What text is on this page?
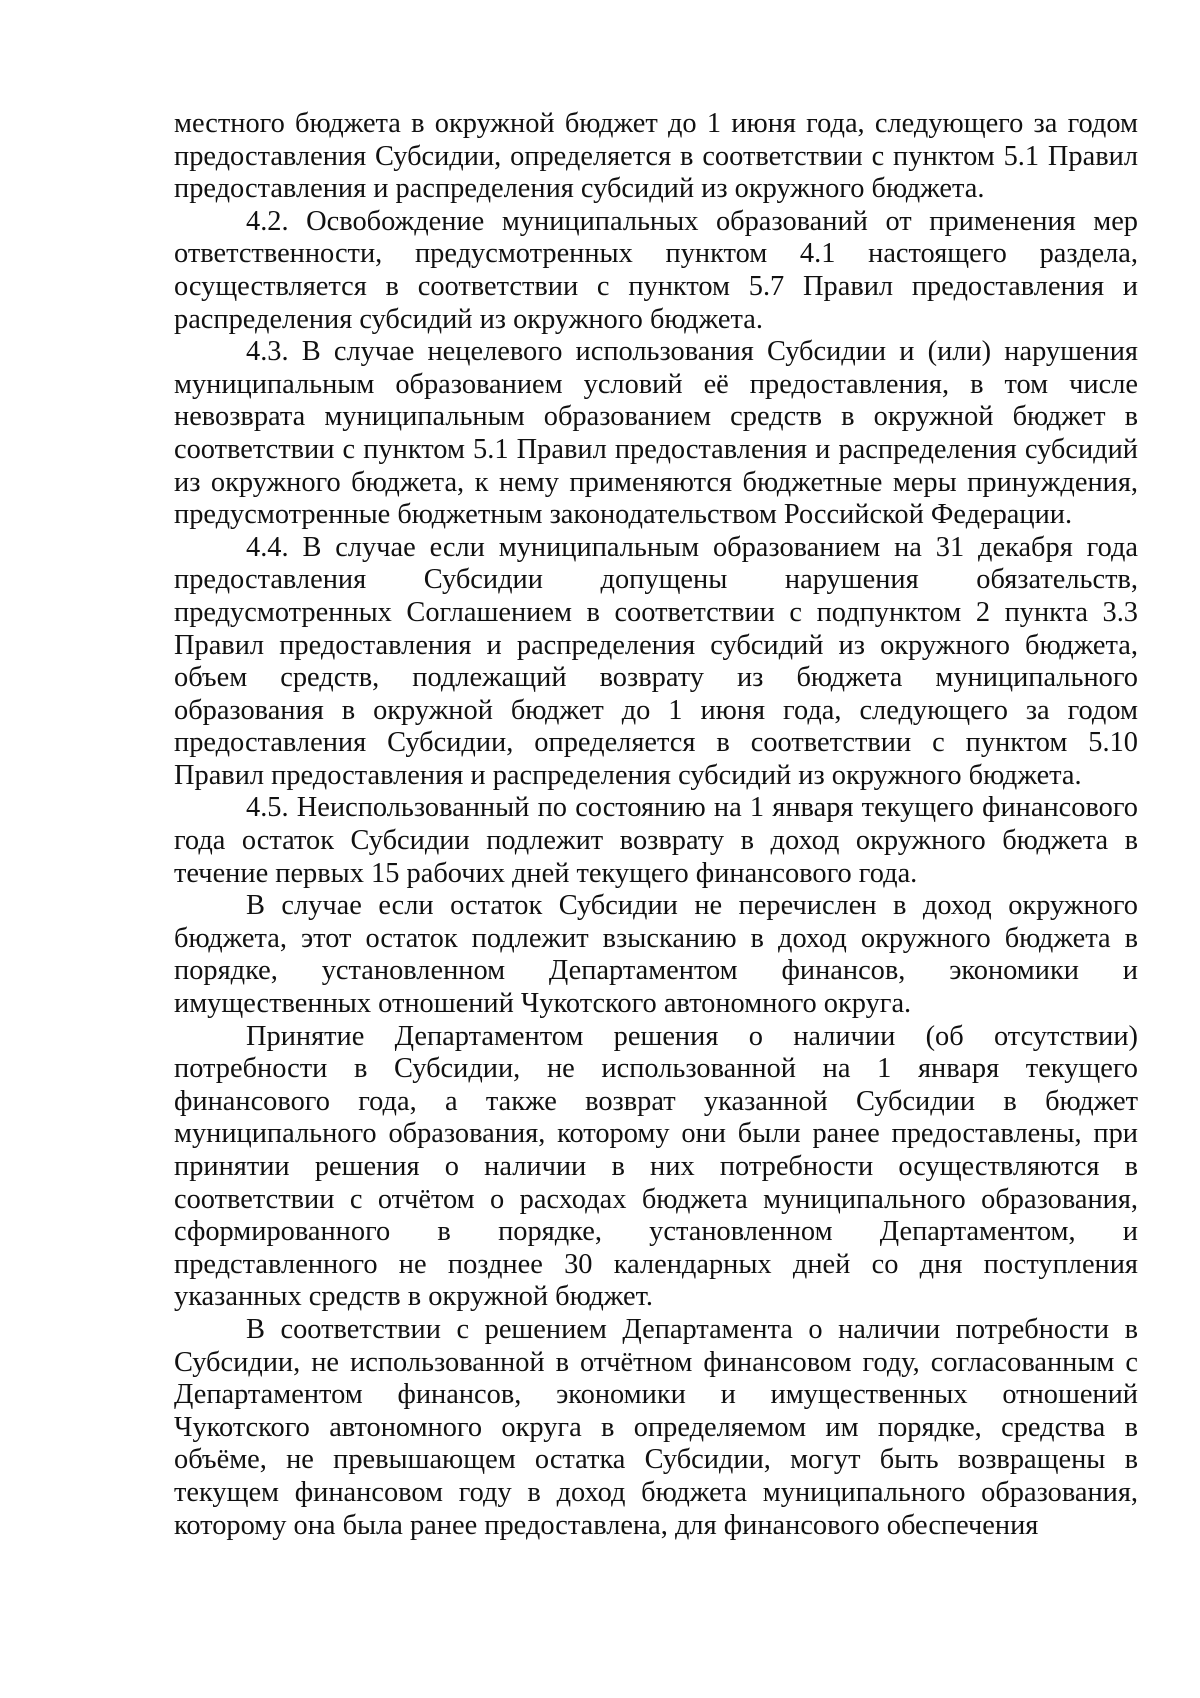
местного бюджета в окружной бюджет до 1 июня года, следующего за годом предоставления Субсидии, определяется в соответствии с пунктом 5.1 Правил предоставления и распределения субсидий из окружного бюджета.

4.2. Освобождение муниципальных образований от применения мер ответственности, предусмотренных пунктом 4.1 настоящего раздела, осуществляется в соответствии с пунктом 5.7 Правил предоставления и распределения субсидий из окружного бюджета.

4.3. В случае нецелевого использования Субсидии и (или) нарушения муниципальным образованием условий её предоставления, в том числе невозврата муниципальным образованием средств в окружной бюджет в соответствии с пунктом 5.1 Правил предоставления и распределения субсидий из окружного бюджета, к нему применяются бюджетные меры принуждения, предусмотренные бюджетным законодательством Российской Федерации.

4.4. В случае если муниципальным образованием на 31 декабря года предоставления Субсидии допущены нарушения обязательств, предусмотренных Соглашением в соответствии с подпунктом 2 пункта 3.3 Правил предоставления и распределения субсидий из окружного бюджета, объем средств, подлежащий возврату из бюджета муниципального образования в окружной бюджет до 1 июня года, следующего за годом предоставления Субсидии, определяется в соответствии с пунктом 5.10 Правил предоставления и распределения субсидий из окружного бюджета.

4.5. Неиспользованный по состоянию на 1 января текущего финансового года остаток Субсидии подлежит возврату в доход окружного бюджета в течение первых 15 рабочих дней текущего финансового года.

В случае если остаток Субсидии не перечислен в доход окружного бюджета, этот остаток подлежит взысканию в доход окружного бюджета в порядке, установленном Департаментом финансов, экономики и имущественных отношений Чукотского автономного округа.

Принятие Департаментом решения о наличии (об отсутствии) потребности в Субсидии, не использованной на 1 января текущего финансового года, а также возврат указанной Субсидии в бюджет муниципального образования, которому они были ранее предоставлены, при принятии решения о наличии в них потребности осуществляются в соответствии с отчётом о расходах бюджета муниципального образования, сформированного в порядке, установленном Департаментом, и представленного не позднее 30 календарных дней со дня поступления указанных средств в окружной бюджет.

В соответствии с решением Департамента о наличии потребности в Субсидии, не использованной в отчётном финансовом году, согласованным с Департаментом финансов, экономики и имущественных отношений Чукотского автономного округа в определяемом им порядке, средства в объёме, не превышающем остатка Субсидии, могут быть возвращены в текущем финансовом году в доход бюджета муниципального образования, которому она была ранее предоставлена, для финансового обеспечения
